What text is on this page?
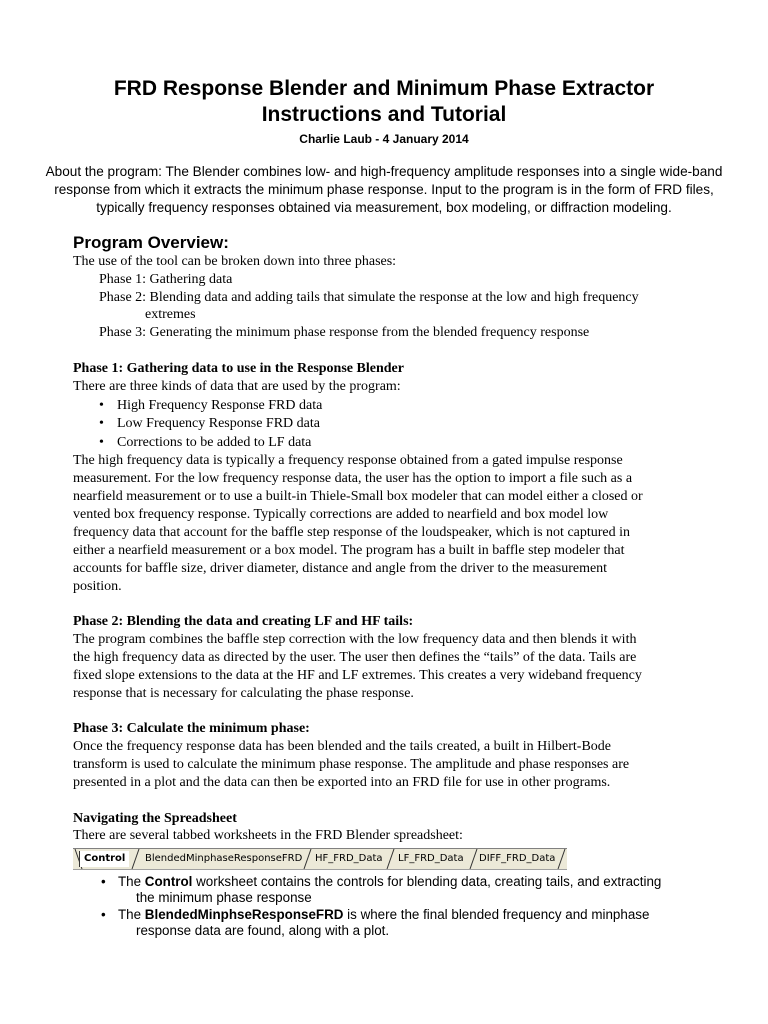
FRD Response Blender and Minimum Phase Extractor
Instructions and Tutorial
Charlie Laub - 4 January 2014
About the program: The Blender combines low- and high-frequency amplitude responses into a single wide-band response from which it extracts the minimum phase response. Input to the program is in the form of FRD files, typically frequency responses obtained via measurement, box modeling, or diffraction modeling.
Program Overview:
The use of the tool can be broken down into three phases:
Phase 1: Gathering data
Phase 2: Blending data and adding tails that simulate the response at the low and high frequency
extremes
Phase 3: Generating the minimum phase response from the blended frequency response
Phase 1: Gathering data to use in the Response Blender
There are three kinds of data that are used by the program:
• High Frequency Response FRD data
• Low Frequency Response FRD data
• Corrections to be added to LF data
The high frequency data is typically a frequency response obtained from a gated impulse response
measurement. For the low frequency response data, the user has the option to import a file such as a
nearfield measurement or to use a built-in Thiele-Small box modeler that can model either a closed or
vented box frequency response. Typically corrections are added to nearfield and box model low
frequency data that account for the baffle step response of the loudspeaker, which is not captured in
either a nearfield measurement or a box model. The program has a built in baffle step modeler that
accounts for baffle size, driver diameter, distance and angle from the driver to the measurement
position.
Phase 2: Blending the data and creating LF and HF tails:
The program combines the baffle step correction with the low frequency data and then blends it with
the high frequency data as directed by the user. The user then defines the “tails” of the data. Tails are
fixed slope extensions to the data at the HF and LF extremes. This creates a very wideband frequency
response that is necessary for calculating the phase response.
Phase 3: Calculate the minimum phase:
Once the frequency response data has been blended and the tails created, a built in Hilbert-Bode
transform is used to calculate the minimum phase response. The amplitude and phase responses are
presented in a plot and the data can then be exported into an FRD file for use in other programs.
Navigating the Spreadsheet
There are several tabbed worksheets in the FRD Blender spreadsheet:
Control	BlendedMinphaseResponseFRD HF_FRD_Data LF_FRD_Data DIFF_FRD_Data
• The Control worksheet contains the controls for blending data, creating tails, and extracting
the minimum phase response
• The BlendedMinphseResponseFRD is where the final blended frequency and minphase
response data are found, along with a plot.
